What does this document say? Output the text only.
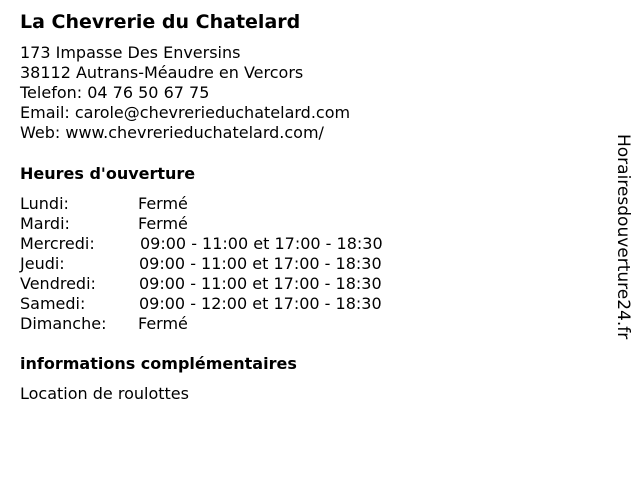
La Chevrerie du Chatelard
173 Impasse Des Enversins
38112 Autrans-Méaudre en Vercors
Telefon: 04 76 50 67 75
Email: carole@chevrerieduchatelard.com
Web: www.chevrerieduchatelard.com/
Heures d'ouverture
Lundi:	Fermé
Mardi:	Fermé
Mercredi:	09:00 - 11:00 et 17:00 - 18:30
Jeudi:	09:00 - 11:00 et 17:00 - 18:30
Vendredi:	09:00 - 11:00 et 17:00 - 18:30
Samedi:	09:00 - 12:00 et 17:00 - 18:30
Dimanche: Fermé
informations complémentaires
Location de roulottes
Horairesdouverture24.fr
